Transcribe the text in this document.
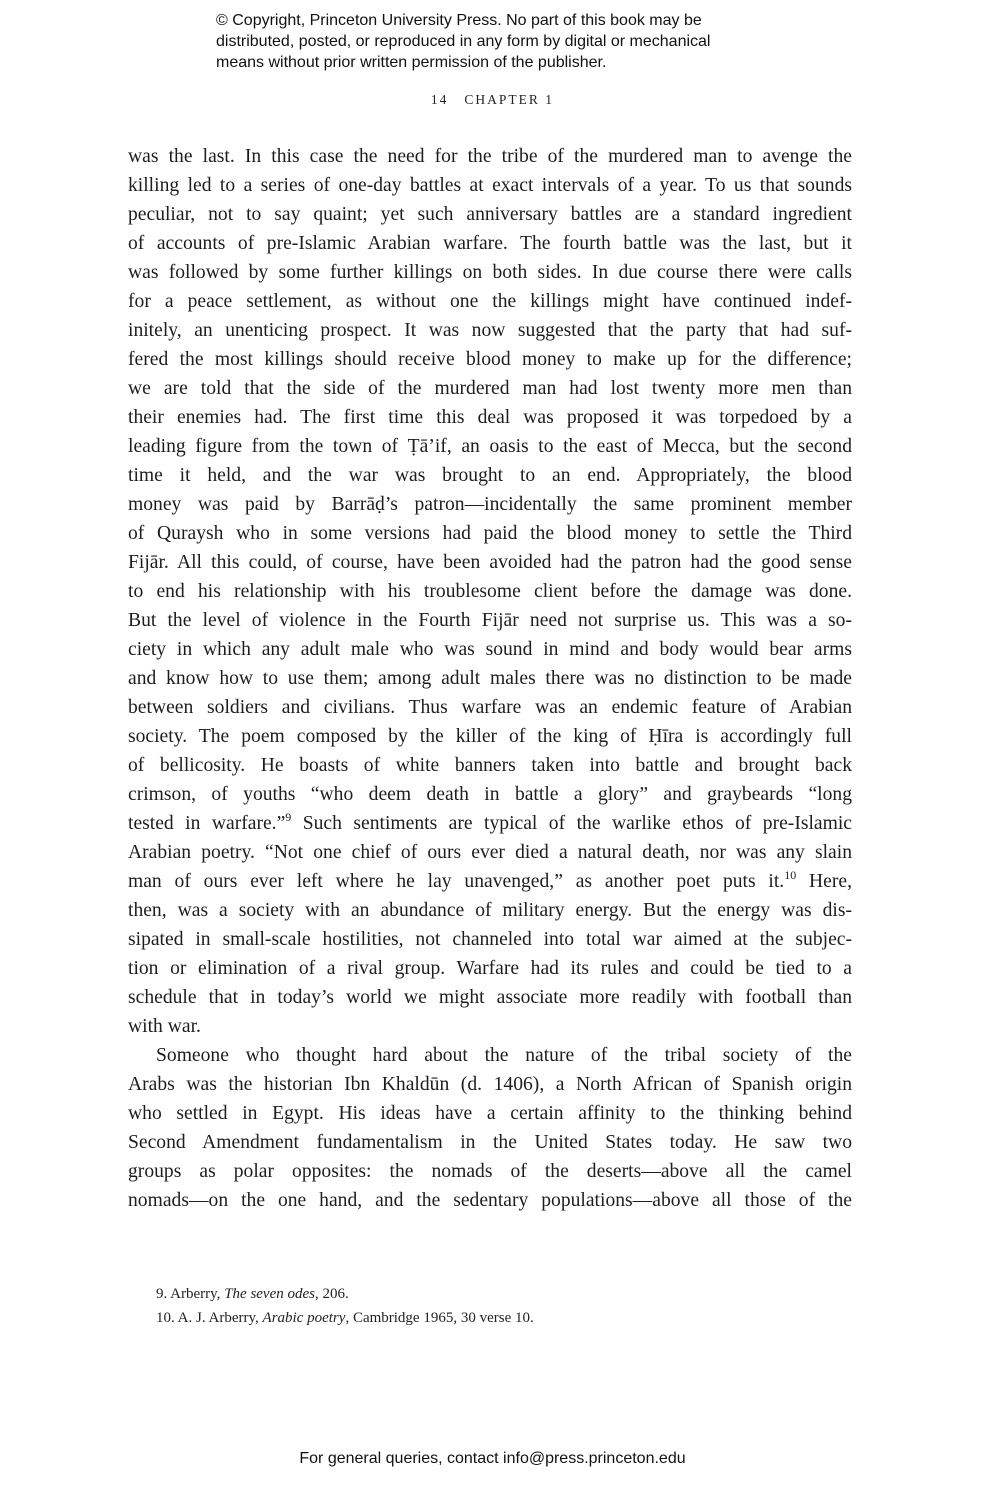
© Copyright, Princeton University Press. No part of this book may be
distributed, posted, or reproduced in any form by digital or mechanical
means without prior written permission of the publisher.
14 CHAPTER 1
was the last. In this case the need for the tribe of the murdered man to avenge the
killing led to a series of one-day battles at exact intervals of a year. To us that sounds
peculiar, not to say quaint; yet such anniversary battles are a standard ingredient
of accounts of pre-Islamic Arabian warfare. The fourth battle was the last, but it
was followed by some further killings on both sides. In due course there were calls
for a peace settlement, as without one the killings might have continued indef-
initely, an unenticing prospect. It was now suggested that the party that had suf-
fered the most killings should receive blood money to make up for the difference;
we are told that the side of the murdered man had lost twenty more men than
their enemies had. The first time this deal was proposed it was torpedoed by a
leading figure from the town of Ṭā’if, an oasis to the east of Mecca, but the second
time it held, and the war was brought to an end. Appropriately, the blood
money was paid by Barrāḍ’s patron—incidentally the same prominent member
of Quraysh who in some versions had paid the blood money to settle the Third
Fijār. All this could, of course, have been avoided had the patron had the good sense
to end his relationship with his troublesome client before the damage was done.
But the level of violence in the Fourth Fijār need not surprise us. This was a so-
ciety in which any adult male who was sound in mind and body would bear arms
and know how to use them; among adult males there was no distinction to be made
between soldiers and civilians. Thus warfare was an endemic feature of Arabian
society. The poem composed by the killer of the king of Ḥīra is accordingly full
of bellicosity. He boasts of white banners taken into battle and brought back
crimson, of youths “who deem death in battle a glory” and graybeards “long
tested in warfare.”$^9$ Such sentiments are typical of the warlike ethos of pre-Islamic
Arabian poetry. “Not one chief of ours ever died a natural death, nor was any slain
man of ours ever left where he lay unavenged,” as another poet puts it.$^{10}$ Here,
then, was a society with an abundance of military energy. But the energy was dis-
sipated in small-scale hostilities, not channeled into total war aimed at the subjec-
tion or elimination of a rival group. Warfare had its rules and could be tied to a
schedule that in today’s world we might associate more readily with football than
with war.
Someone who thought hard about the nature of the tribal society of the
Arabs was the historian Ibn Khaldūn (d. 1406), a North African of Spanish origin
who settled in Egypt. His ideas have a certain affinity to the thinking behind
Second Amendment fundamentalism in the United States today. He saw two
groups as polar opposites: the nomads of the deserts—above all the camel
nomads—on the one hand, and the sedentary populations—above all those of the
9. Arberry, The seven odes, 206.
10. A. J. Arberry, Arabic poetry, Cambridge 1965, 30 verse 10.
For general queries, contact info@press.princeton.edu
